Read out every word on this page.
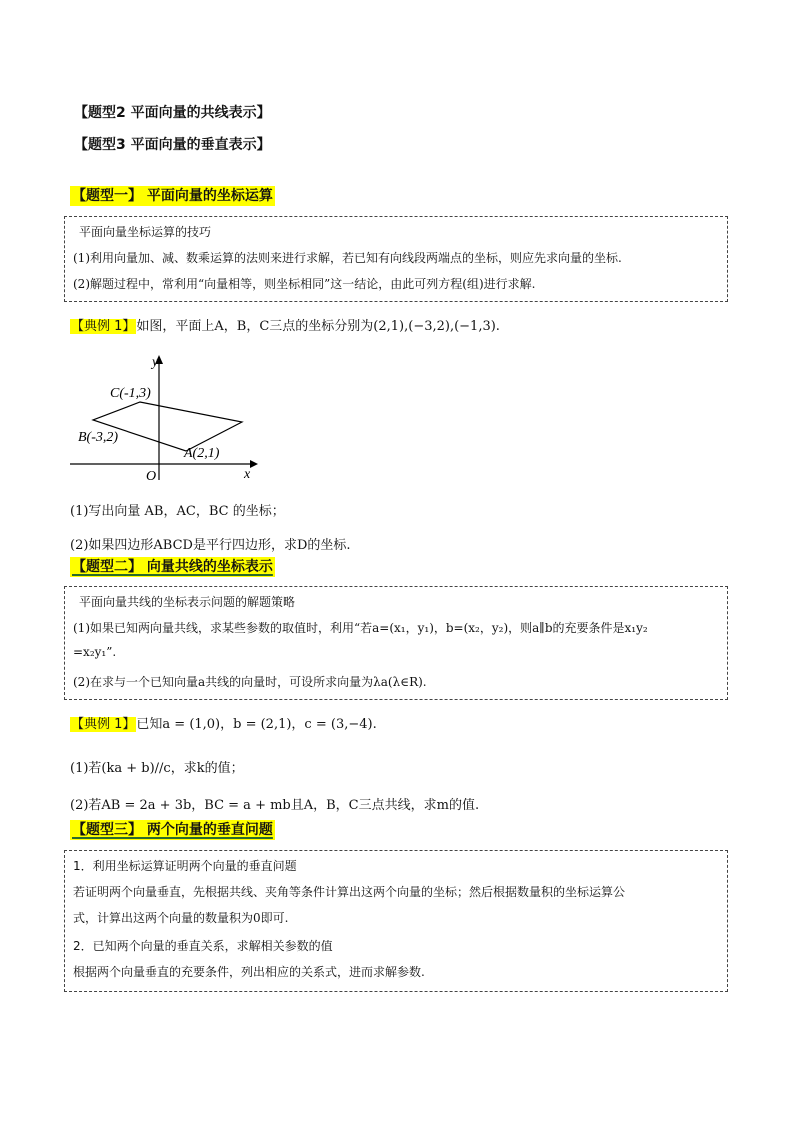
【题型2 平面向量的共线表示】
【题型3 平面向量的垂直表示】
【题型一】 平面向量的坐标运算
平面向量坐标运算的技巧
(1)利用向量加、减、数乘运算的法则来进行求解，若已知有向线段两端点的坐标，则应先求向量的坐标.
(2)解题过程中，常利用“向量相等，则坐标相同”这一结论，由此可列方程(组)进行求解.
【典例 1】如图，平面上A，B，C三点的坐标分别为(2,1),(−3,2),(−1,3).
y
x
O
C(-1,3)
B(-3,2)
A(2,1)
(1)写出向量 AB，AC，BC 的坐标；
(2)如果四边形ABCD是平行四边形，求D的坐标.
【题型二】 向量共线的坐标表示
平面向量共线的坐标表示问题的解题策略
(1)如果已知两向量共线，求某些参数的取值时，利用“若a=(x₁，y₁)，b=(x₂，y₂)，则a∥b的充要条件是x₁y₂
=x₂y₁”.
(2)在求与一个已知向量a共线的向量时，可设所求向量为λa(λ∈R).
【典例 1】已知a = (1,0)，b = (2,1)，c = (3,−4).
(1)若(ka + b)//c，求k的值；
(2)若AB = 2a + 3b，BC = a + mb且A，B，C三点共线，求m的值.
【题型三】 两个向量的垂直问题
1．利用坐标运算证明两个向量的垂直问题
若证明两个向量垂直，先根据共线、夹角等条件计算出这两个向量的坐标；然后根据数量积的坐标运算公
式，计算出这两个向量的数量积为0即可.
2．已知两个向量的垂直关系，求解相关参数的值
根据两个向量垂直的充要条件，列出相应的关系式，进而求解参数.
